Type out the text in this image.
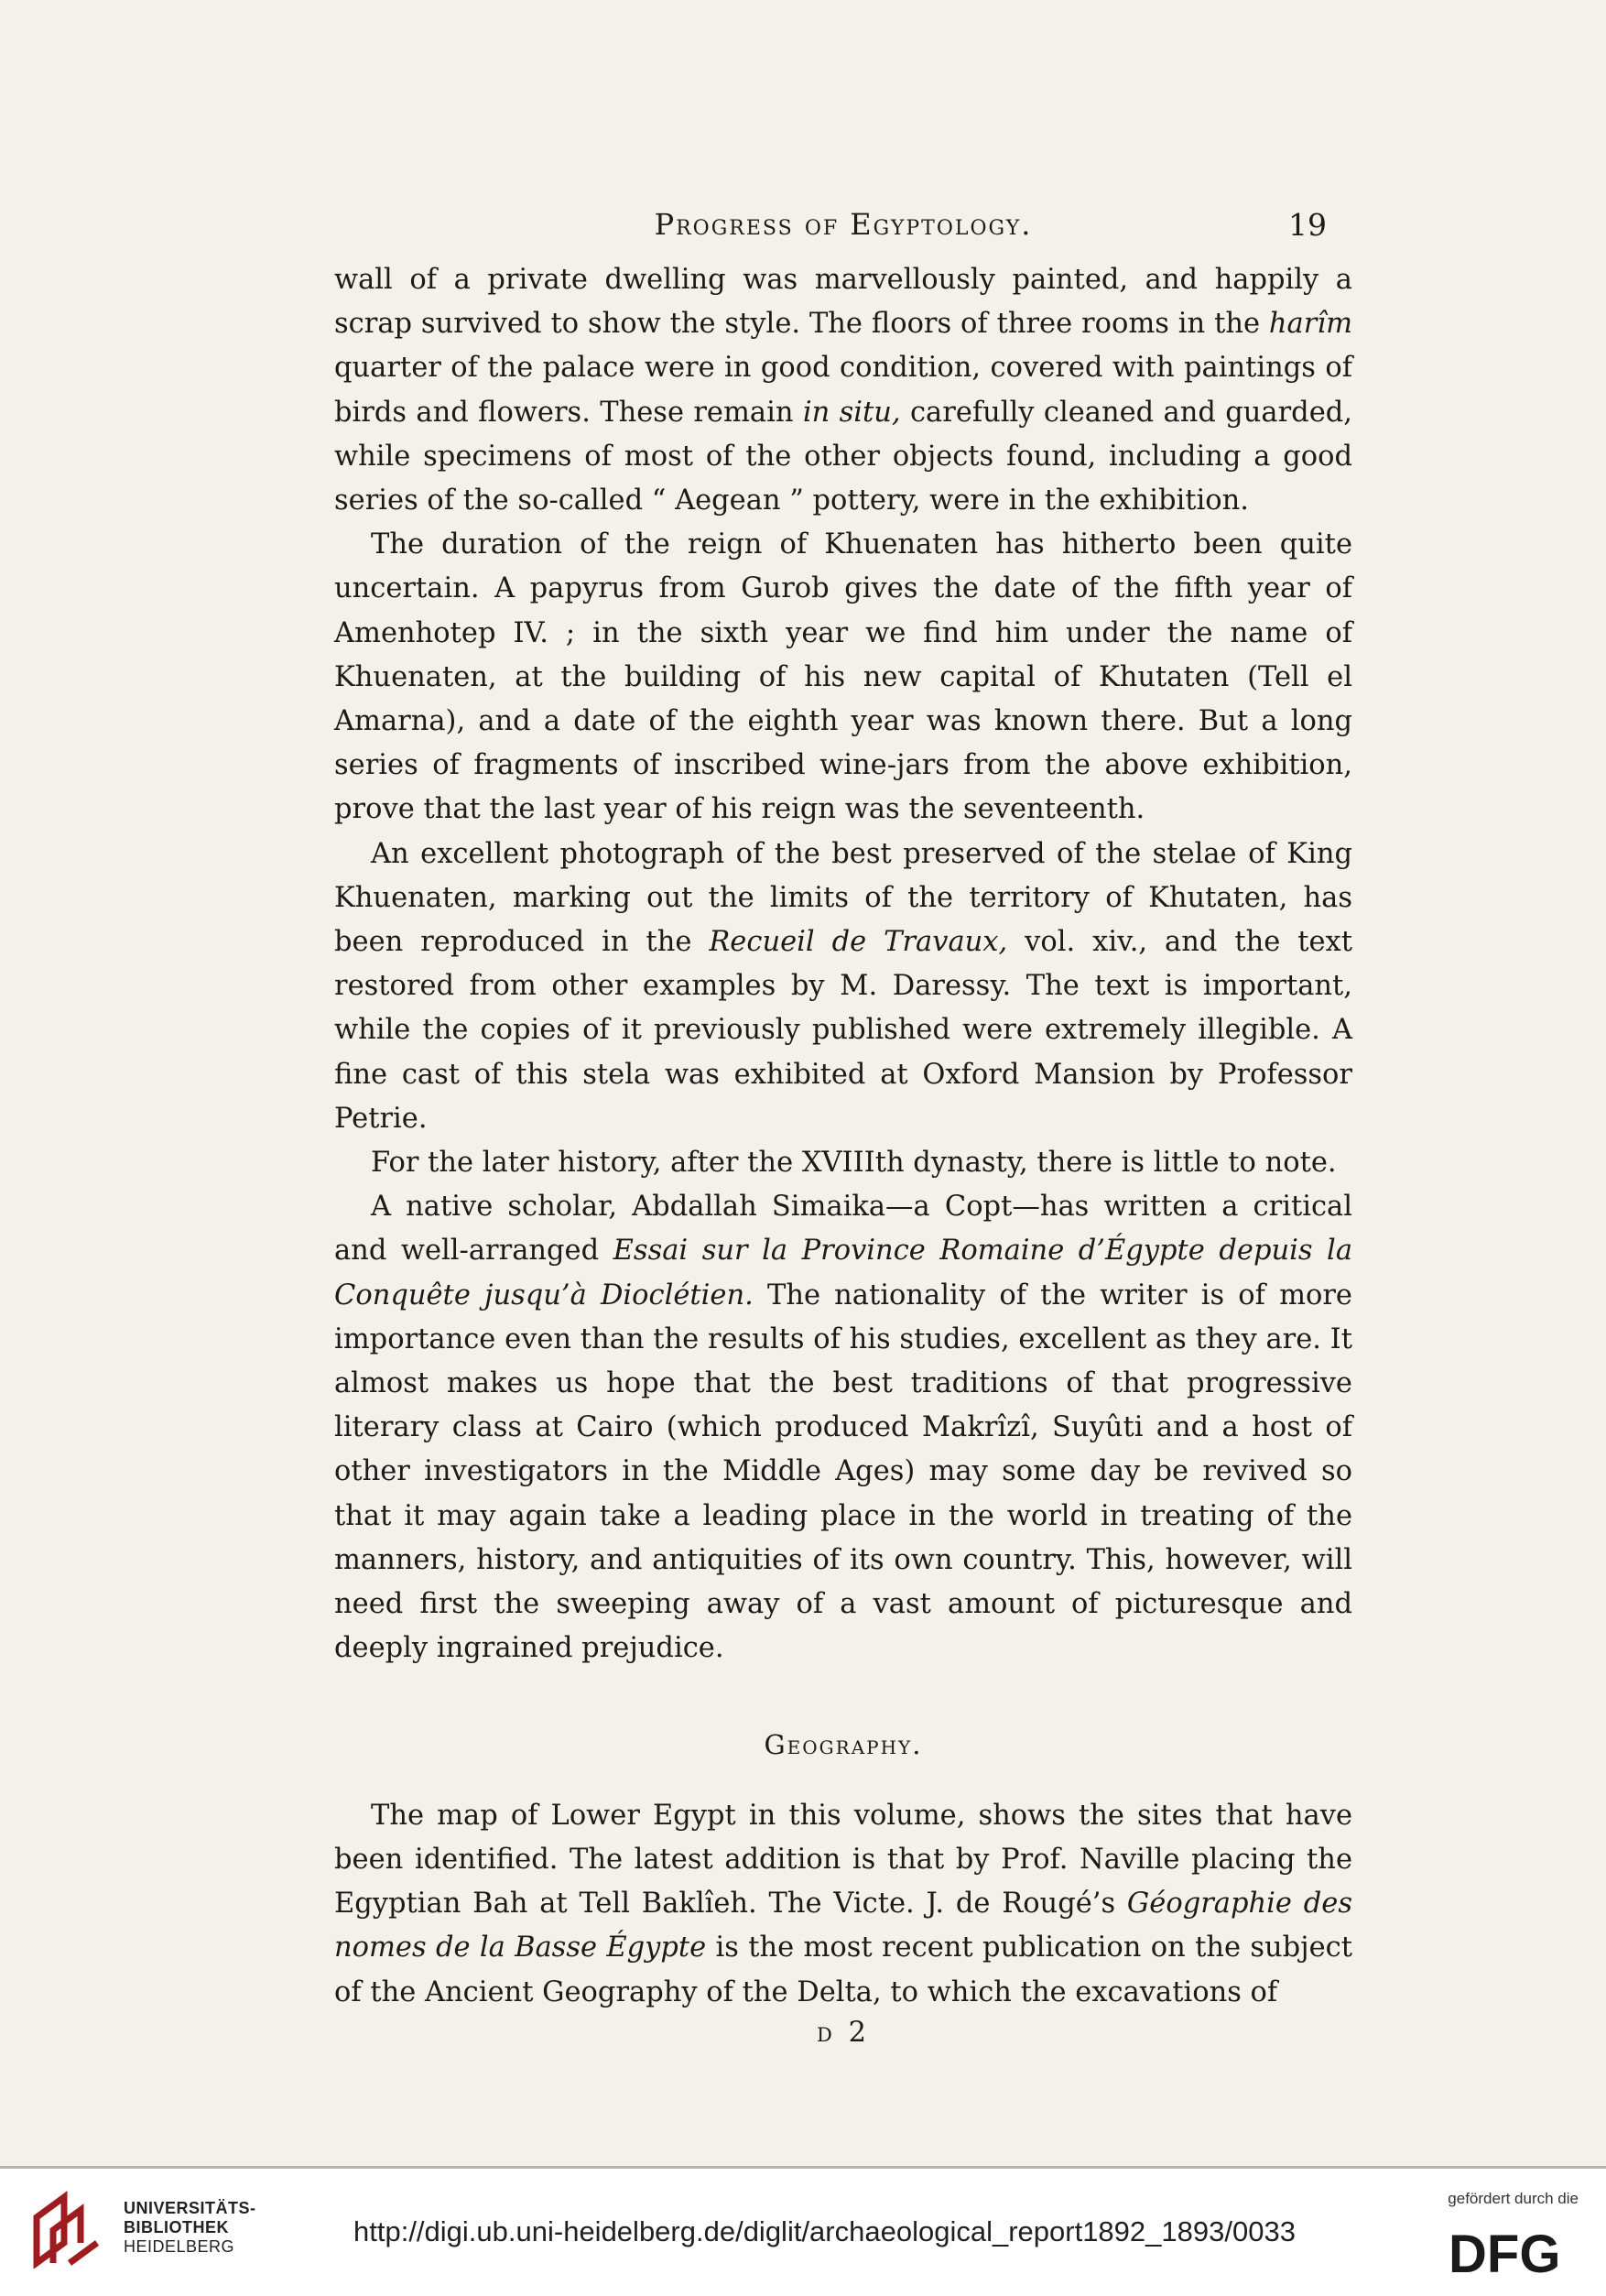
Progress of Egyptology.	19

wall of a private dwelling was marvellously painted, and happily a scrap survived to show the style. The floors of three rooms in the harîm quarter of the palace were in good condition, covered with paintings of birds and flowers. These remain in situ, carefully cleaned and guarded, while specimens of most of the other objects found, including a good series of the so-called “ Aegean ” pottery, were in the exhibition.

The duration of the reign of Khuenaten has hitherto been quite uncertain. A papyrus from Gurob gives the date of the fifth year of Amenhotep IV. ; in the sixth year we find him under the name of Khuenaten, at the building of his new capital of Khutaten (Tell el Amarna), and a date of the eighth year was known there. But a long series of fragments of inscribed wine-jars from the above exhibition, prove that the last year of his reign was the seventeenth.

An excellent photograph of the best preserved of the stelae of King Khuenaten, marking out the limits of the territory of Khutaten, has been reproduced in the Recueil de Travaux, vol. xiv., and the text restored from other examples by M. Daressy. The text is important, while the copies of it previously published were extremely illegible. A fine cast of this stela was exhibited at Oxford Mansion by Professor Petrie.

For the later history, after the XVIIIth dynasty, there is little to note.

A native scholar, Abdallah Simaika—a Copt—has written a critical and well-arranged Essai sur la Province Romaine d’Égypte depuis la Conquête jusqu’à Dioclétien. The nationality of the writer is of more importance even than the results of his studies, excellent as they are. It almost makes us hope that the best traditions of that progressive literary class at Cairo (which produced Makrîzî, Suyûti and a host of other investigators in the Middle Ages) may some day be revived so that it may again take a leading place in the world in treating of the manners, history, and antiquities of its own country. This, however, will need first the sweeping away of a vast amount of picturesque and deeply ingrained prejudice.

Geography.

The map of Lower Egypt in this volume, shows the sites that have been identified. The latest addition is that by Prof. Naville placing the Egyptian Bah at Tell Baklîeh. The Victe. J. de Rougé’s Géographie des nomes de la Basse Égypte is the most recent publication on the subject of the Ancient Geography of the Delta, to which the excavations of

d 2

UNIVERSITÄTS-
BIBLIOTHEK
HEIDELBERG	http://digi.ub.uni-heidelberg.de/diglit/archaeological_report1892_1893/0033
gefördert durch die
DFG
